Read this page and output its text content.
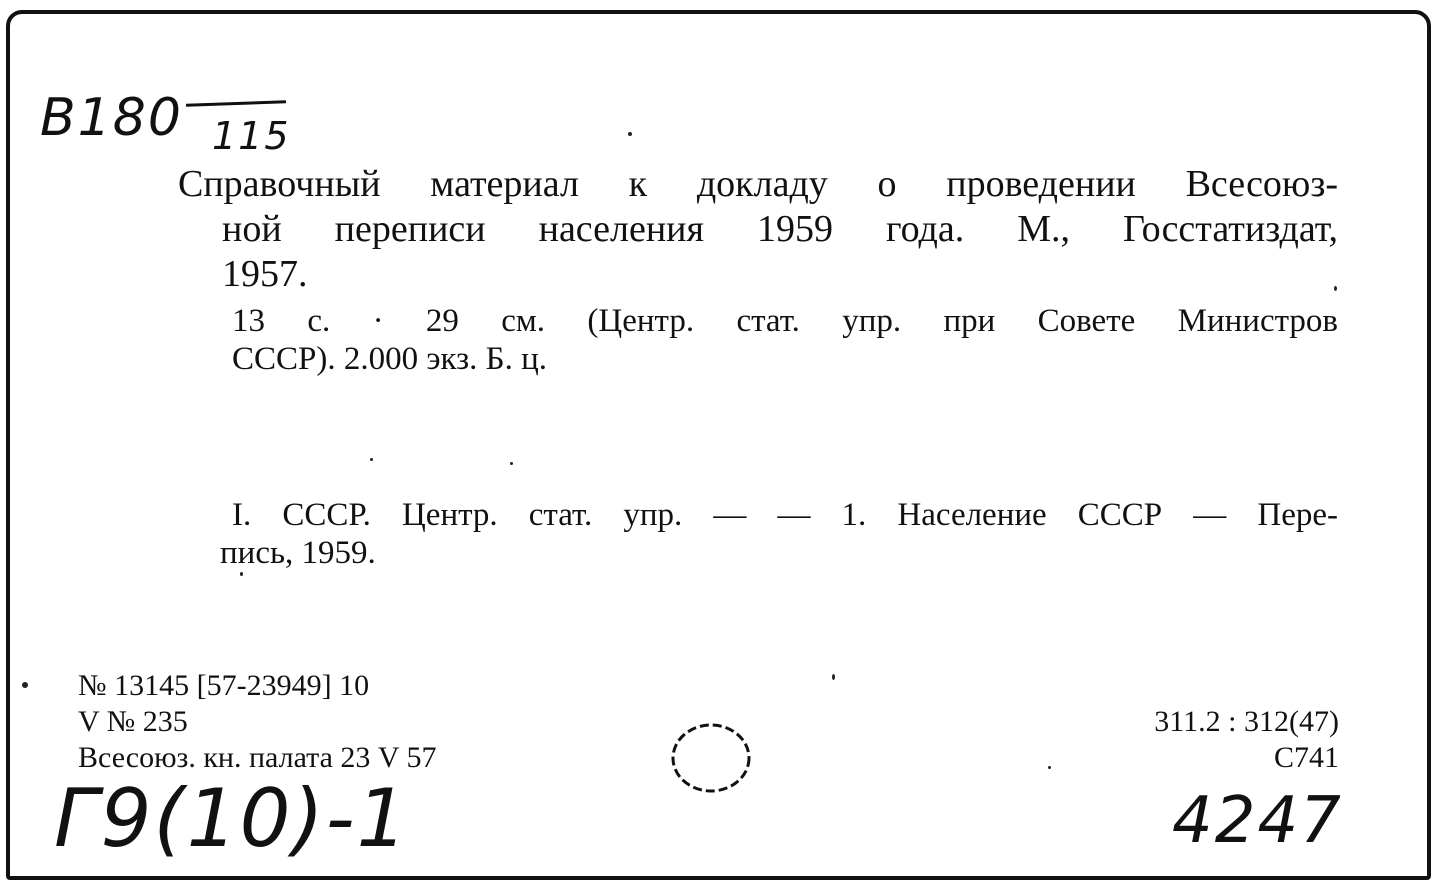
B180 115
Справочный материал к докладу о проведении Всесоюз-
ной переписи населения 1959 года. М., Госстатиздат,
1957.
13 с. · 29 см. (Центр. стат. упр. при Совете Министров
СССР). 2.000 экз. Б. ц.
I. СССР. Центр. стат. упр. — — 1. Население СССР — Пере-
пись, 1959.
№ 13145 [57-23949] 10
V № 235
Всесоюз. кн. палата 23 V 57
311.2 : 312(47)
С741
Г9(10)-1	4247
